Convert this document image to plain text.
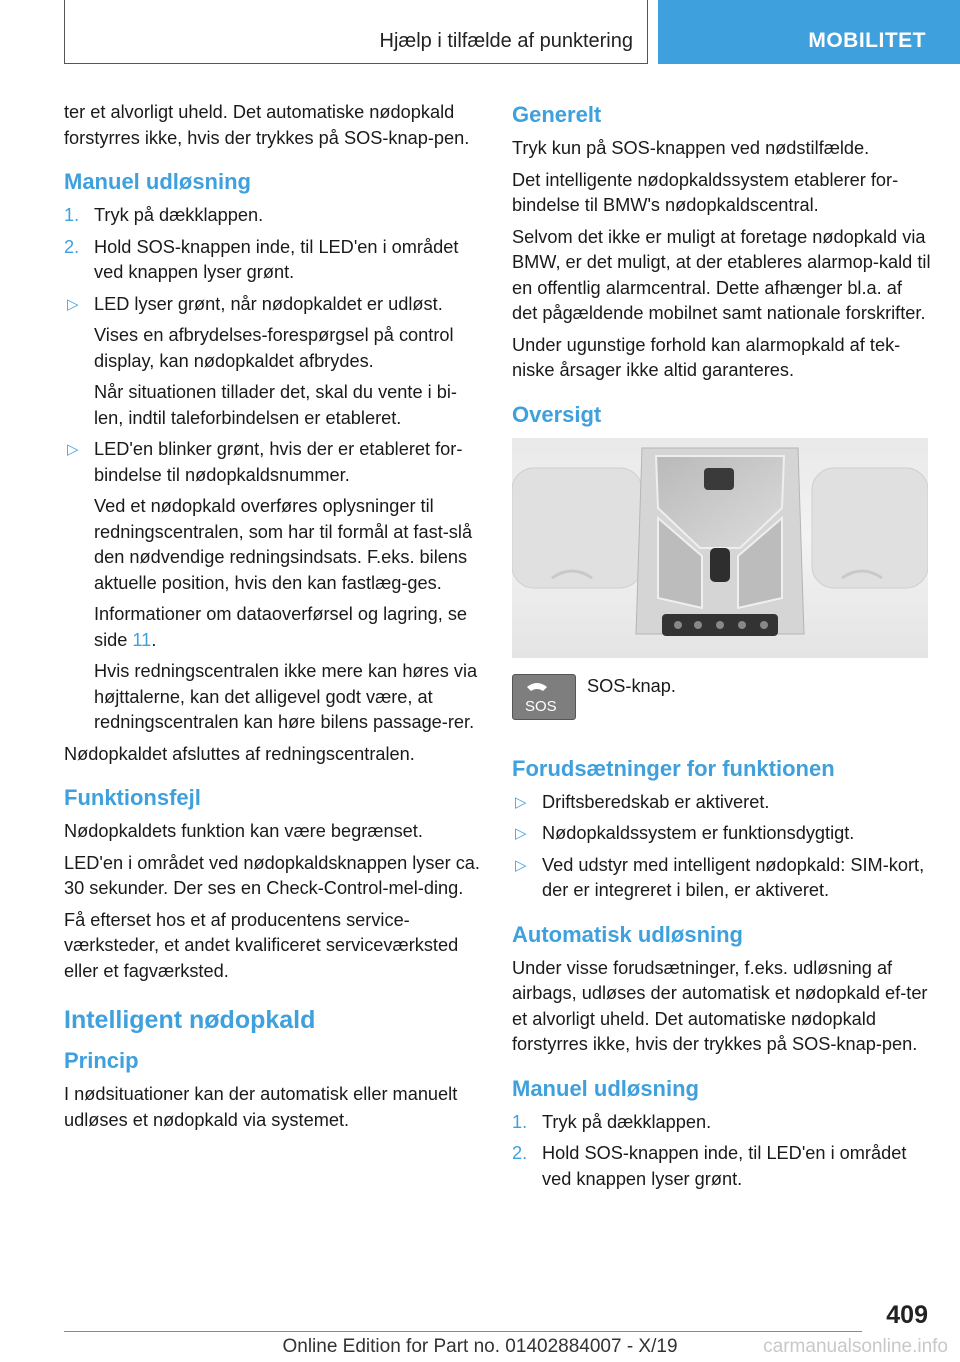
Hjælp i tilfælde af punktering	MOBILITET

ter et alvorligt uheld. Det automatiske nødopkald forstyrres ikke, hvis der trykkes på SOS-knap-pen.

Manuel udløsning
1. Tryk på dækklappen.
2. Hold SOS-knappen inde, til LED'en i området ved knappen lyser grønt.
▷ LED lyser grønt, når nødopkaldet er udløst.

Vises en afbrydelses-forespørgsel på control display, kan nødopkaldet afbrydes.

Når situationen tillader det, skal du vente i bi-len, indtil taleforbindelsen er etableret.

▷ LED'en blinker grønt, hvis der er etableret for-bindelse til nødopkaldsnummer.

Ved et nødopkald overføres oplysninger til redningscentralen, som har til formål at fast-slå den nødvendige redningsindsats. F.eks. bilens aktuelle position, hvis den kan fastlæg-ges.

Informationer om dataoverførsel og lagring, se side 11.

Hvis redningscentralen ikke mere kan høres via højttalerne, kan det alligevel godt være, at redningscentralen kan høre bilens passage-rer.

Nødopkaldet afsluttes af redningscentralen.

Funktionsfejl

Nødopkaldets funktion kan være begrænset.

LED'en i området ved nødopkaldsknappen lyser ca. 30 sekunder. Der ses en Check-Control-mel-ding.

Få efterset hos et af producentens service-værksteder, et andet kvalificeret serviceværksted eller et fagværksted.

Intelligent nødopkald
Princip

I nødsituationer kan der automatisk eller manuelt udløses et nødopkald via systemet.

Generelt

Tryk kun på SOS-knappen ved nødstilfælde.

Det intelligente nødopkaldssystem etablerer for-bindelse til BMW's nødopkaldscentral.

Selvom det ikke er muligt at foretage nødopkald via BMW, er det muligt, at der etableres alarmop-kald til en offentlig alarmcentral. Dette afhænger bl.a. af det pågældende mobilnet samt nationale forskrifter.

Under ugunstige forhold kan alarmopkald af tek-niske årsager ikke altid garanteres.

Oversigt
SOS
SOS-knap.
Forudsætninger for funktionen
▷ Driftsberedskab er aktiveret.
▷ Nødopkaldssystem er funktionsdygtigt.
▷ Ved udstyr med intelligent nødopkald: SIM-kort, der er integreret i bilen, er aktiveret.
Automatisk udløsning

Under visse forudsætninger, f.eks. udløsning af airbags, udløses der automatisk et nødopkald ef-ter et alvorligt uheld. Det automatiske nødopkald forstyrres ikke, hvis der trykkes på SOS-knap-pen.

Manuel udløsning
1. Tryk på dækklappen.
2. Hold SOS-knappen inde, til LED'en i området ved knappen lyser grønt.
409
Online Edition for Part no. 01402884007 - X/19	carmanualsonline.info
